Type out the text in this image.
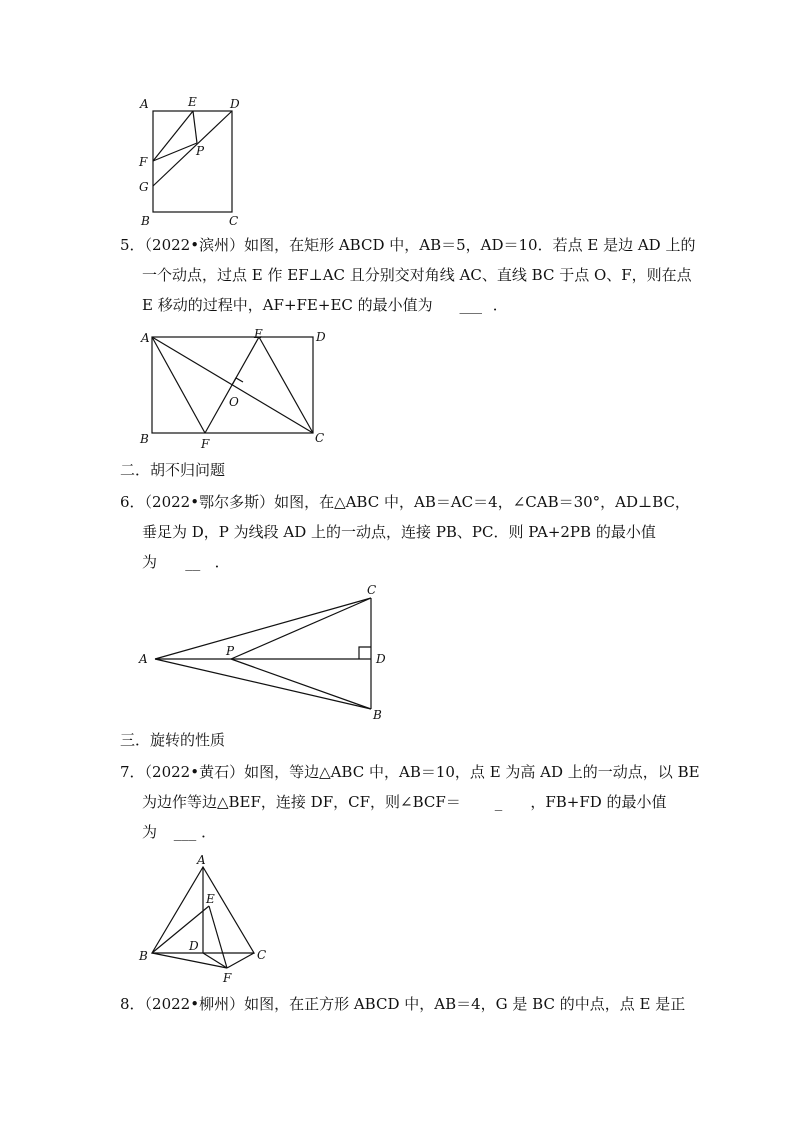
A	E	D
F
P
G
B	C
5．（2022•滨州）如图，在矩形 ABCD 中，AB＝5，AD＝10．若点 E 是边 AD 上的
一个动点，过点 E 作 EF⊥AC 且分别交对角线 AC、直线 BC 于点 O、F，则在点
E 移动的过程中，AF+FE+EC 的最小值为 ___ ．
A	E	D
O
B	F	C
二．胡不归问题
6．（2022•鄂尔多斯）如图，在△ABC 中，AB＝AC＝4，∠CAB＝30°，AD⊥BC，
垂足为 D，P 为线段 AD 上的一动点，连接 PB、PC．则 PA+2PB 的最小值
为 __ ．
C
A
P
D
B
三．旋转的性质
7．（2022•黄石）如图，等边△ABC 中，AB＝10，点 E 为高 AD 上的一动点，以 BE
为边作等边△BEF，连接 DF，CF，则∠BCF＝ _ ，FB+FD 的最小值
为 ___ ．
A
E
D
B	C
F
8．（2022•柳州）如图，在正方形 ABCD 中，AB＝4，G 是 BC 的中点，点 E 是正
